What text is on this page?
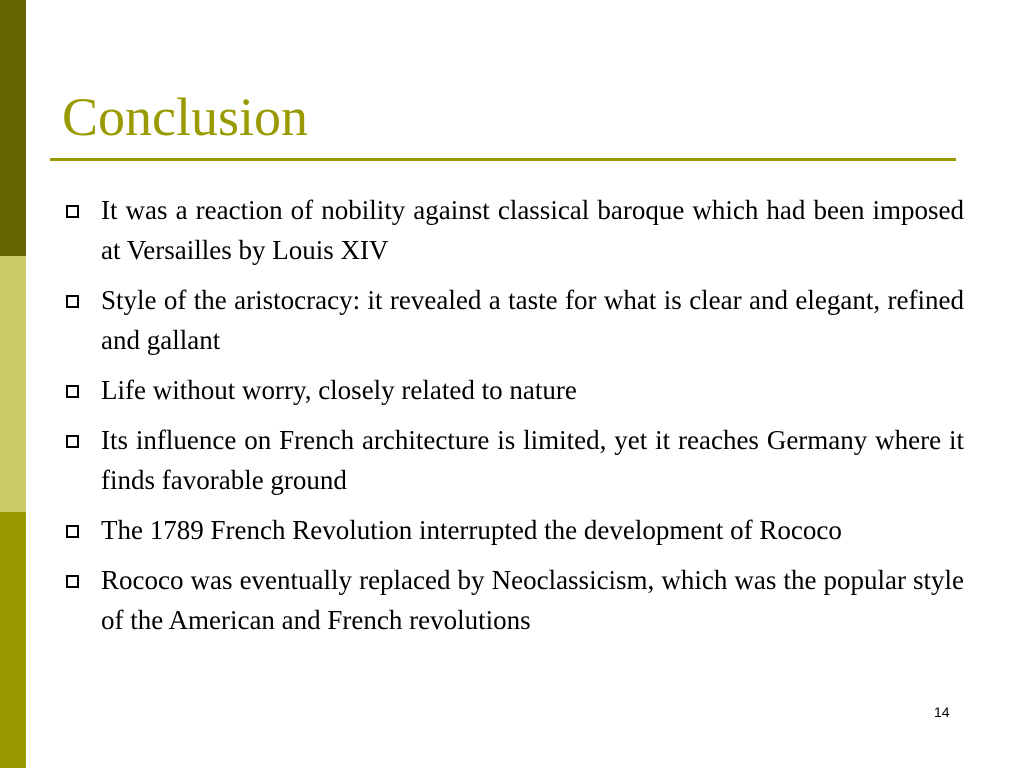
Conclusion
It was a reaction of nobility against classical baroque which had been imposed at Versailles by Louis XIV
Style of the aristocracy: it revealed a taste for what is clear and elegant, refined and gallant
Life without worry, closely related to nature
Its influence on French architecture is limited, yet it reaches Germany where it finds favorable ground
The 1789 French Revolution interrupted the development of Rococo
Rococo was eventually replaced by Neoclassicism, which was the popular style of the American and French revolutions
14
